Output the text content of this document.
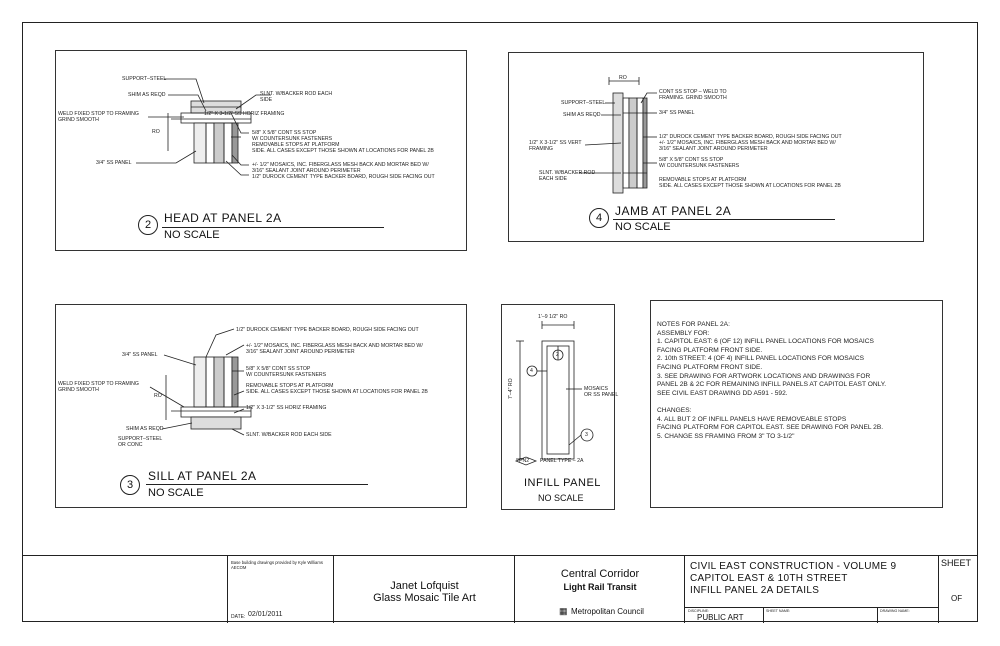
SUPPORT–STEEL
SHIM AS REQD
WELD FIXED STOP TO FRAMING
GRIND SMOOTH
3/4" SS PANEL
RO
SLNT. W/BACKER ROD EACH
SIDE
1/2" X 3-1/2" SS HORIZ FRAMING
5/8" X 5/8" CONT SS STOP
W/ COUNTERSUNK FASTENERS
REMOVABLE STOPS AT PLATFORM
SIDE. ALL CASES EXCEPT THOSE SHOWN AT LOCATIONS FOR PANEL 2B
+/- 1/2" MOSAICS, INC. FIBERGLASS MESH BACK AND MORTAR BED W/
3/16" SEALANT JOINT AROUND PERIMETER
1/2" DUROCK CEMENT TYPE BACKER BOARD, ROUGH SIDE FACING OUT
2	HEAD AT PANEL 2A
NO SCALE
RO
SUPPORT–STEEL
SHIM AS REQD
1/2" X 3-1/2" SS VERT
FRAMING
SLNT. W/BACKER ROD
EACH SIDE
CONT SS STOP – WELD TO
FRAMING. GRIND SMOOTH
3/4" SS PANEL
1/2" DUROCK CEMENT TYPE BACKER BOARD, ROUGH SIDE FACING OUT
+/- 1/2" MOSAICS, INC. FIBERGLASS MESH BACK AND MORTAR BED W/
3/16" SEALANT JOINT AROUND PERIMETER
5/8" X 5/8" CONT SS STOP
W/ COUNTERSUNK FASTENERS
REMOVABLE STOPS AT PLATFORM
SIDE. ALL CASES EXCEPT THOSE SHOWN AT LOCATIONS FOR PANEL 2B
4	JAMB AT PANEL 2A
NO SCALE
3/4" SS PANEL
WELD FIXED STOP TO FRAMING
GRIND SMOOTH
SHIM AS REQD
SUPPORT–STEEL
OR CONC
RO
1/2" DUROCK CEMENT TYPE BACKER BOARD, ROUGH SIDE FACING OUT
+/- 1/2" MOSAICS, INC. FIBERGLASS MESH BACK AND MORTAR BED W/
3/16" SEALANT JOINT AROUND PERIMETER
5/8" X 5/8" CONT SS STOP
W/ COUNTERSUNK FASTENERS
REMOVABLE STOPS AT PLATFORM
SIDE. ALL CASES EXCEPT THOSE SHOWN AT LOCATIONS FOR PANEL 2B
1/2" X 3-1/2" SS HORIZ FRAMING
SLNT. W/BACKER ROD EACH SIDE
3
SILL AT PANEL 2A
NO SCALE
1'–9 1/2" RO
7'–4" RO
2
4
3
MOSAICS
OR SS PANEL
PN2 PANEL TYPE – 2A
INFILL PANEL
NO SCALE
NOTES FOR PANEL 2A:
ASSEMBLY FOR:
1. CAPITOL EAST: 6 (OF 12) INFILL PANEL LOCATIONS FOR MOSAICS
FACING PLATFORM FRONT SIDE.
2. 10th STREET: 4 (OF 4) INFILL PANEL LOCATIONS FOR MOSAICS
FACING PLATFORM FRONT SIDE.
3. SEE DRAWING FOR ARTWORK LOCATIONS AND DRAWINGS FOR
PANEL 2B & 2C FOR REMAINING INFILL PANELS AT CAPITOL EAST ONLY.
SEE CIVIL EAST DRAWING DD A591 - 592.
CHANGES:
4. ALL BUT 2 OF INFILL PANELS HAVE REMOVEABLE STOPS
FACING PLATFORM FOR CAPITOL EAST. SEE DRAWING FOR PANEL 2B.
5. CHANGE SS FRAMING FROM 3" TO 3-1/2"
Base building drawings provided by Kyle Williams
AECOM
DATE: 02/01/2011
Janet Lofquist
Glass Mosaic Tile Art
Central Corridor
Light Rail Transit
▦ Metropolitan Council
CIVIL EAST CONSTRUCTION - VOLUME 9
CAPITOL EAST & 10TH STREET
INFILL PANEL 2A DETAILS
DISCIPLINE:
PUBLIC ART
SHEET NAME:	DRAWING NAME:
SHEET
OF
